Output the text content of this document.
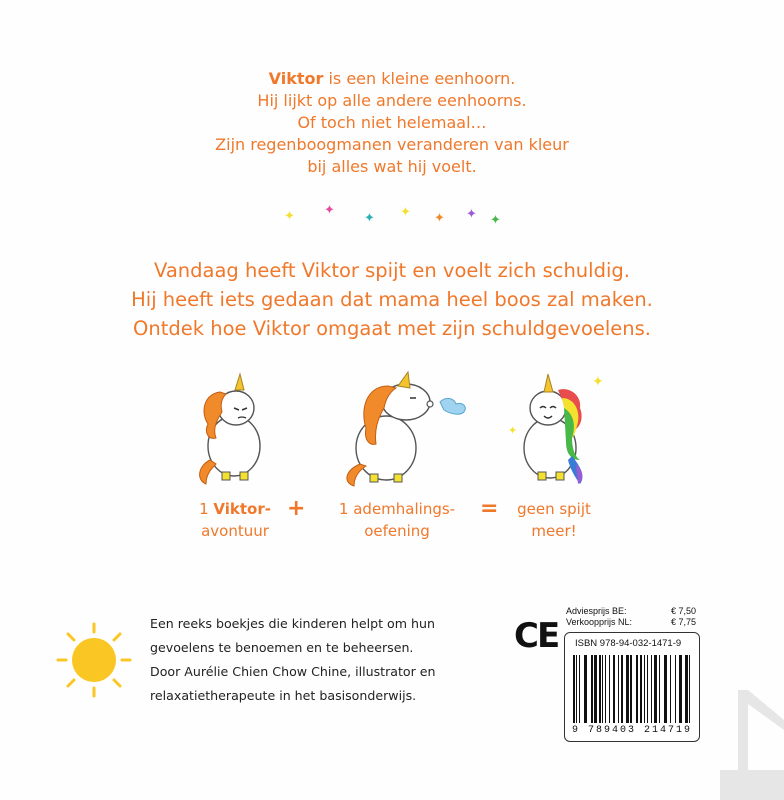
Viktor is een kleine eenhoorn.
Hij lijkt op alle andere eenhoorns.
Of toch niet helemaal…
Zijn regenboogmanen veranderen van kleur
bij alles wat hij voelt.
✦ ✦
✦ ✦ ✦ ✦ ✦
Vandaag heeft Viktor spijt en voelt zich schuldig.
Hij heeft iets gedaan dat mama heel boos zal maken.
Ontdek hoe Viktor omgaat met zijn schuldgevoelens.
✦
✦
1 Viktor-
avontuur
+	1 ademhalings-
oefening
=	geen spijt
meer!
Een reeks boekjes die kinderen helpt om hun
gevoelens te benoemen en te beheersen.
Door Aurélie Chien Chow Chine, illustrator en
relaxatietherapeute in het basisonderwijs.
CE
Adviesprijs BE:	€ 7,50
Verkoopprijs NL:	€ 7,75
ISBN 978-94-032-1471-9
9 789403 214719
